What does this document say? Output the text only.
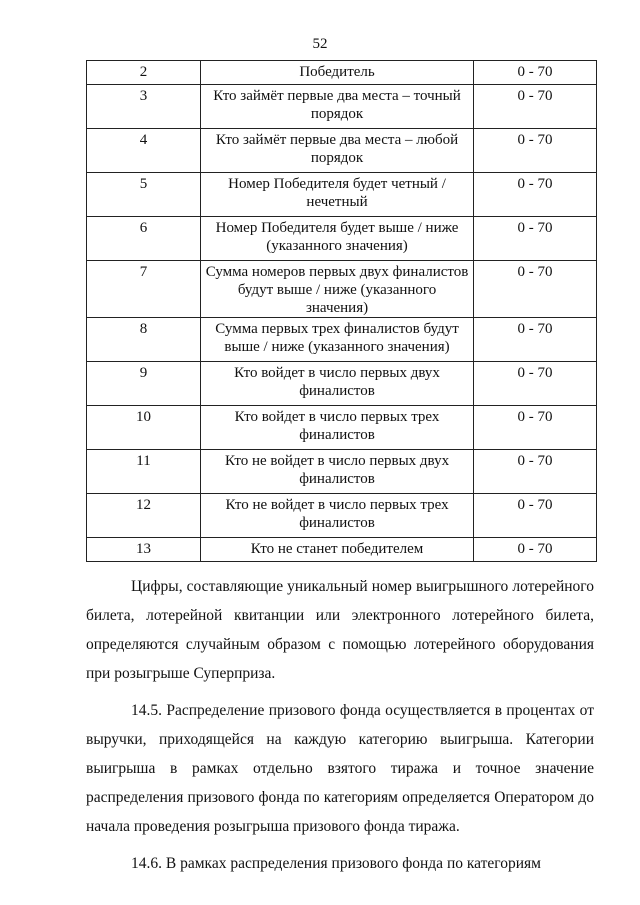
52
2	Победитель	0 - 70
3	Кто займёт первые два места – точный порядок	0 - 70
4	Кто займёт первые два места – любой порядок	0 - 70
5	Номер Победителя будет четный / нечетный	0 - 70
6	Номер Победителя будет выше / ниже (указанного значения)	0 - 70
7	Сумма номеров первых двух финалистов будут выше / ниже (указанного значения)	0 - 70
8	Сумма первых трех финалистов будут выше / ниже (указанного значения)	0 - 70
9	Кто войдет в число первых двух финалистов	0 - 70
10	Кто войдет в число первых трех финалистов	0 - 70
11	Кто не войдет в число первых двух финалистов	0 - 70
12	Кто не войдет в число первых трех финалистов	0 - 70
13	Кто не станет победителем	0 - 70

Цифры, составляющие уникальный номер выигрышного лотерейного билета, лотерейной квитанции или электронного лотерейного билета, определяются случайным образом с помощью лотерейного оборудования при розыгрыше Суперприза.

14.5. Распределение призового фонда осуществляется в процентах от выручки, приходящейся на каждую категорию выигрыша. Категории выигрыша в рамках отдельно взятого тиража и точное значение распределения призового фонда по категориям определяется Оператором до начала проведения розыгрыша призового фонда тиража.

14.6. В рамках распределения призового фонда по категориям
